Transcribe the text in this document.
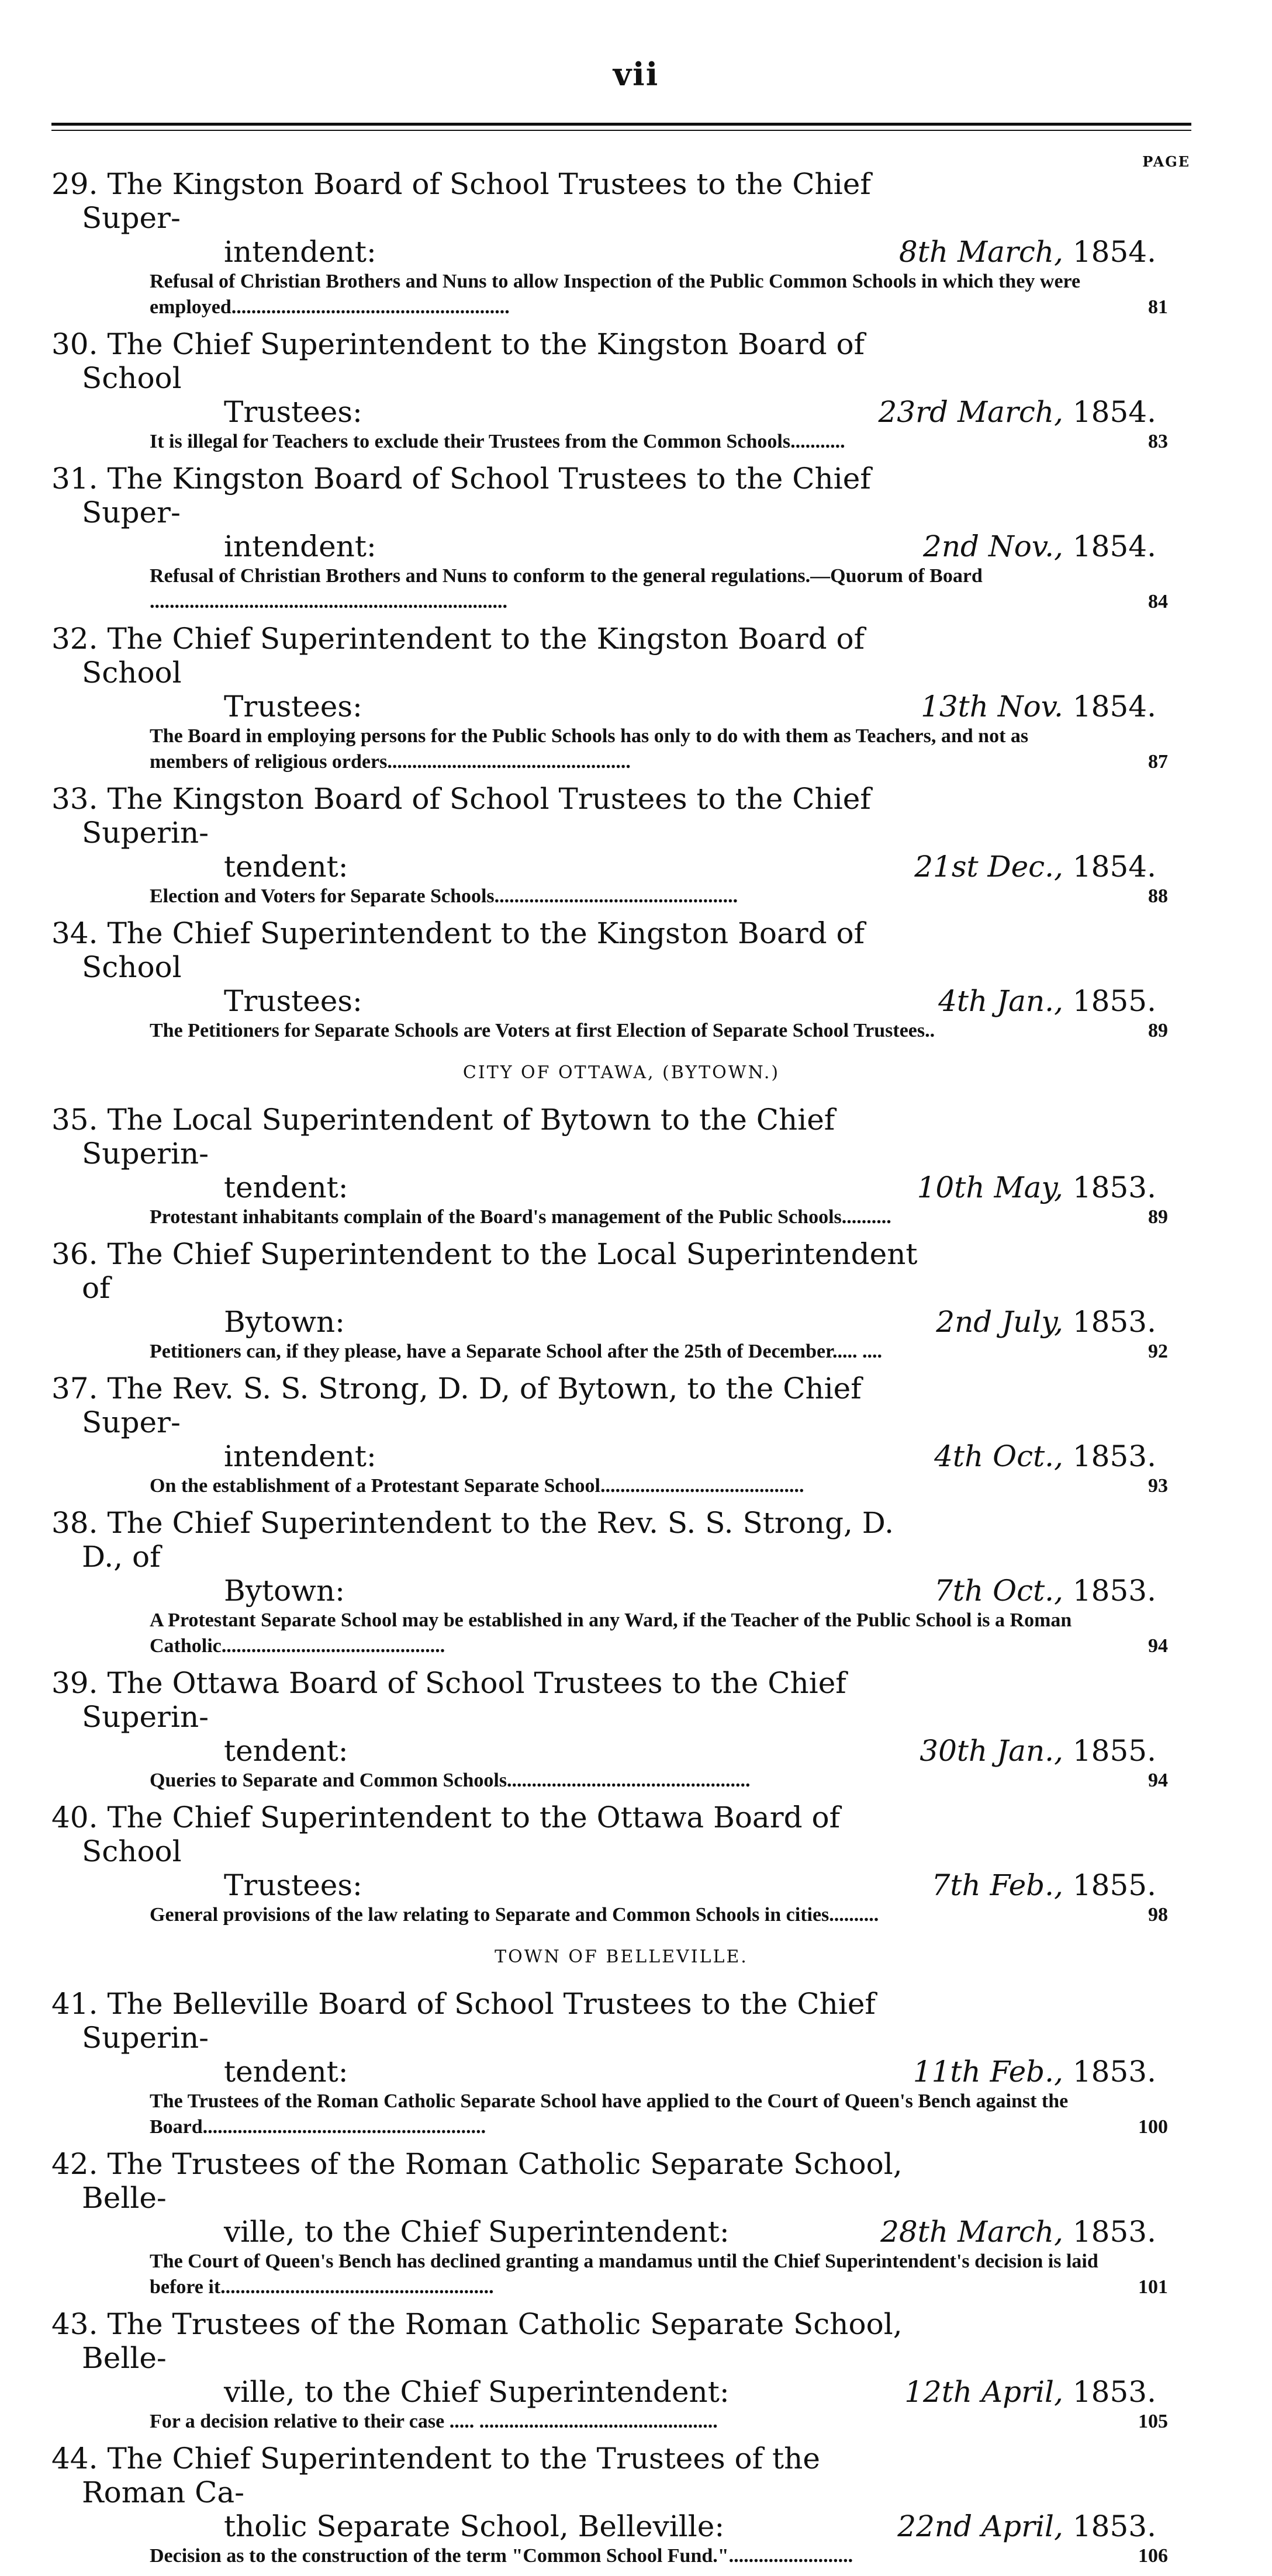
vii
PAGE
29. The Kingston Board of School Trustees to the Chief Super-
intendent:	8th March, 1854.
Refusal of Christian Brothers and Nuns to allow Inspection of the Public Common Schools in which they were employed........................................................	81
30. The Chief Superintendent to the Kingston Board of School
Trustees:	23rd March, 1854.
It is illegal for Teachers to exclude their Trustees from the Common Schools...........	83
31. The Kingston Board of School Trustees to the Chief Super-
intendent:	2nd Nov., 1854.
Refusal of Christian Brothers and Nuns to conform to the general regulations.—Quorum of Board ........................................................................	84
32. The Chief Superintendent to the Kingston Board of School
Trustees:	13th Nov. 1854.
The Board in employing persons for the Public Schools has only to do with them as Teachers, and not as members of religious orders.................................................	87
33. The Kingston Board of School Trustees to the Chief Superin-
tendent:	21st Dec., 1854.
Election and Voters for Separate Schools.................................................	88
34. The Chief Superintendent to the Kingston Board of School
Trustees:	4th Jan., 1855.
The Petitioners for Separate Schools are Voters at first Election of Separate School Trustees..	89
CITY OF OTTAWA, (BYTOWN.)
35. The Local Superintendent of Bytown to the Chief Superin-
tendent:	10th May, 1853.
Protestant inhabitants complain of the Board's management of the Public Schools..........	89
36. The Chief Superintendent to the Local Superintendent of
Bytown:	2nd July, 1853.
Petitioners can, if they please, have a Separate School after the 25th of December..... ....	92
37. The Rev. S. S. Strong, D. D, of Bytown, to the Chief Super-
intendent:	4th Oct., 1853.
On the establishment of a Protestant Separate School.........................................	93
38. The Chief Superintendent to the Rev. S. S. Strong, D. D., of
Bytown:	7th Oct., 1853.
A Protestant Separate School may be established in any Ward, if the Teacher of the Public School is a Roman Catholic.............................................	94
39. The Ottawa Board of School Trustees to the Chief Superin-
tendent:	30th Jan., 1855.
Queries to Separate and Common Schools.................................................	94
40. The Chief Superintendent to the Ottawa Board of School
Trustees:	7th Feb., 1855.
General provisions of the law relating to Separate and Common Schools in cities..........	98
TOWN OF BELLEVILLE.
41. The Belleville Board of School Trustees to the Chief Superin-
tendent:	11th Feb., 1853.
The Trustees of the Roman Catholic Separate School have applied to the Court of Queen's Bench against the Board.........................................................	100
42. The Trustees of the Roman Catholic Separate School, Belle-
ville, to the Chief Superintendent:	28th March, 1853.
The Court of Queen's Bench has declined granting a mandamus until the Chief Superintendent's decision is laid before it.......................................................	101
43. The Trustees of the Roman Catholic Separate School, Belle-
ville, to the Chief Superintendent:	12th April, 1853.
For a decision relative to their case ..... ................................................	105
44. The Chief Superintendent to the Trustees of the Roman Ca-
tholic Separate School, Belleville:	22nd April, 1853.
Decision as to the construction of the term "Common School Fund.".........................	106
